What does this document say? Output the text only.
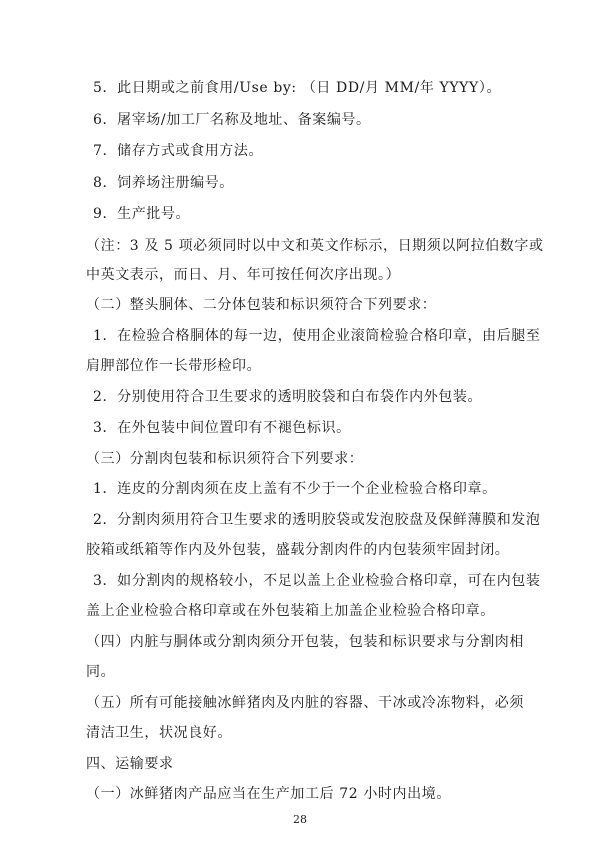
5．此日期或之前食用/Use by: （日 DD/月 MM/年 YYYY）。
6．屠宰场/加工厂名称及地址、备案编号。
7．储存方式或食用方法。
8．饲养场注册编号。
9．生产批号。
（注：3 及 5 项必须同时以中文和英文作标示，日期须以阿拉伯数字或
中英文表示，而日、月、年可按任何次序出现。）
（二）整头胴体、二分体包装和标识须符合下列要求：
1．在检验合格胴体的每一边，使用企业滚筒检验合格印章，由后腿至
肩胛部位作一长带形检印。
2．分别使用符合卫生要求的透明胶袋和白布袋作内外包装。
3．在外包装中间位置印有不褪色标识。
（三）分割肉包装和标识须符合下列要求：
1．连皮的分割肉须在皮上盖有不少于一个企业检验合格印章。
2．分割肉须用符合卫生要求的透明胶袋或发泡胶盘及保鲜薄膜和发泡
胶箱或纸箱等作内及外包装，盛载分割肉件的内包装须牢固封闭。
3．如分割肉的规格较小，不足以盖上企业检验合格印章，可在内包装
盖上企业检验合格印章或在外包装箱上加盖企业检验合格印章。
（四）内脏与胴体或分割肉须分开包装，包装和标识要求与分割肉相
同。
（五）所有可能接触冰鲜猪肉及内脏的容器、干冰或冷冻物料，必须
清洁卫生，状况良好。
四、运输要求
（一）冰鲜猪肉产品应当在生产加工后 72 小时内出境。
28
